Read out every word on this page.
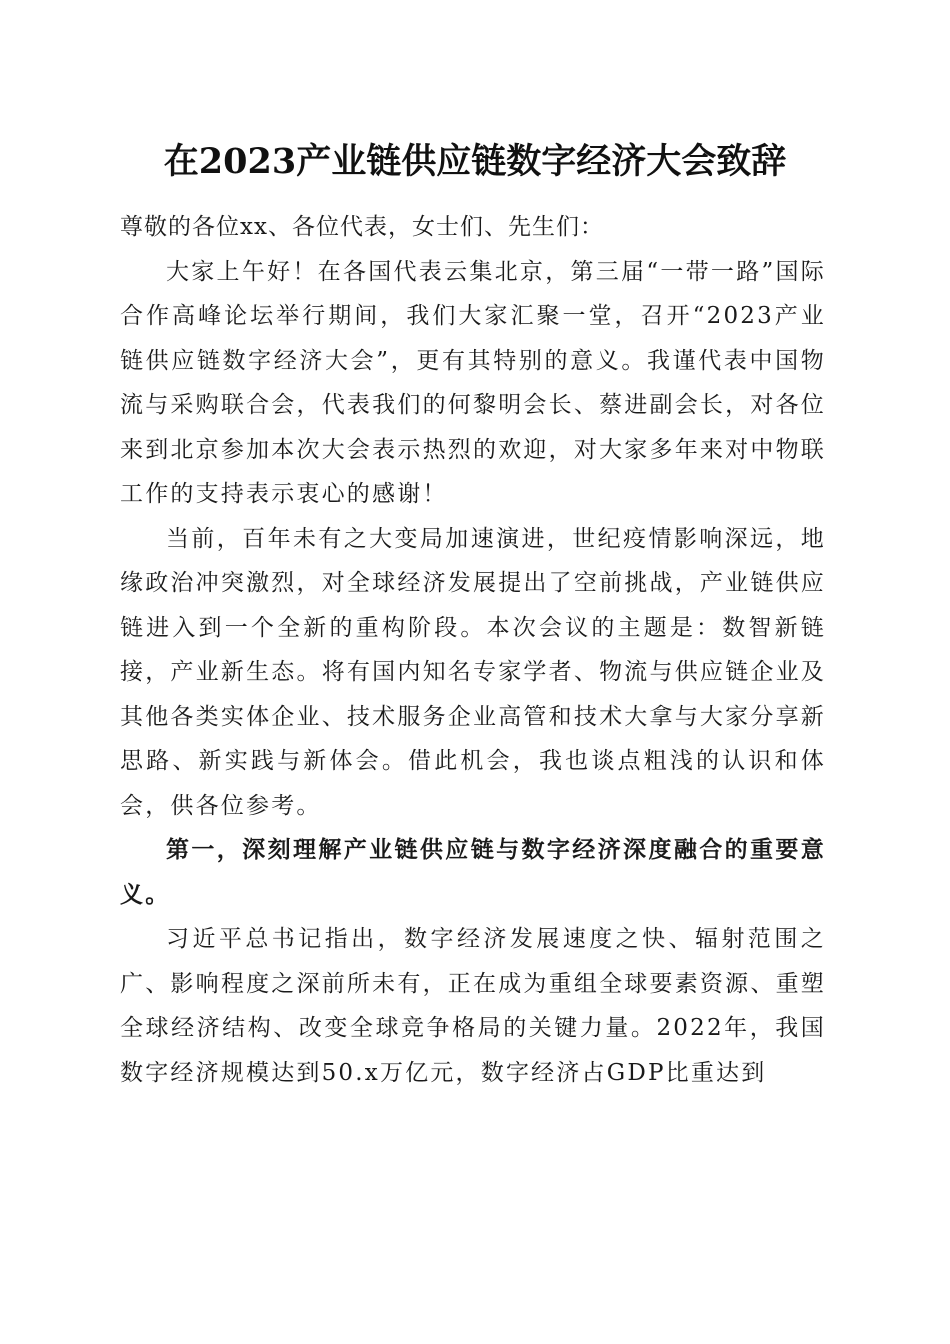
在2023产业链供应链数字经济大会致辞

尊敬的各位xx、各位代表，女士们、先生们：

大家上午好！在各国代表云集北京，第三届“一带一路”国际合作高峰论坛举行期间，我们大家汇聚一堂，召开“2023产业链供应链数字经济大会”，更有其特别的意义。我谨代表中国物流与采购联合会，代表我们的何黎明会长、蔡进副会长，对各位来到北京参加本次大会表示热烈的欢迎，对大家多年来对中物联工作的支持表示衷心的感谢！

当前，百年未有之大变局加速演进，世纪疫情影响深远，地缘政治冲突激烈，对全球经济发展提出了空前挑战，产业链供应链进入到一个全新的重构阶段。本次会议的主题是：数智新链接，产业新生态。将有国内知名专家学者、物流与供应链企业及其他各类实体企业、技术服务企业高管和技术大拿与大家分享新思路、新实践与新体会。借此机会，我也谈点粗浅的认识和体会，供各位参考。

第一，深刻理解产业链供应链与数字经济深度融合的重要意义。

习近平总书记指出，数字经济发展速度之快、辐射范围之广、影响程度之深前所未有，正在成为重组全球要素资源、重塑全球经济结构、改变全球竞争格局的关键力量。2022年，我国数字经济规模达到50.x万亿元，数字经济占GDP比重达到
